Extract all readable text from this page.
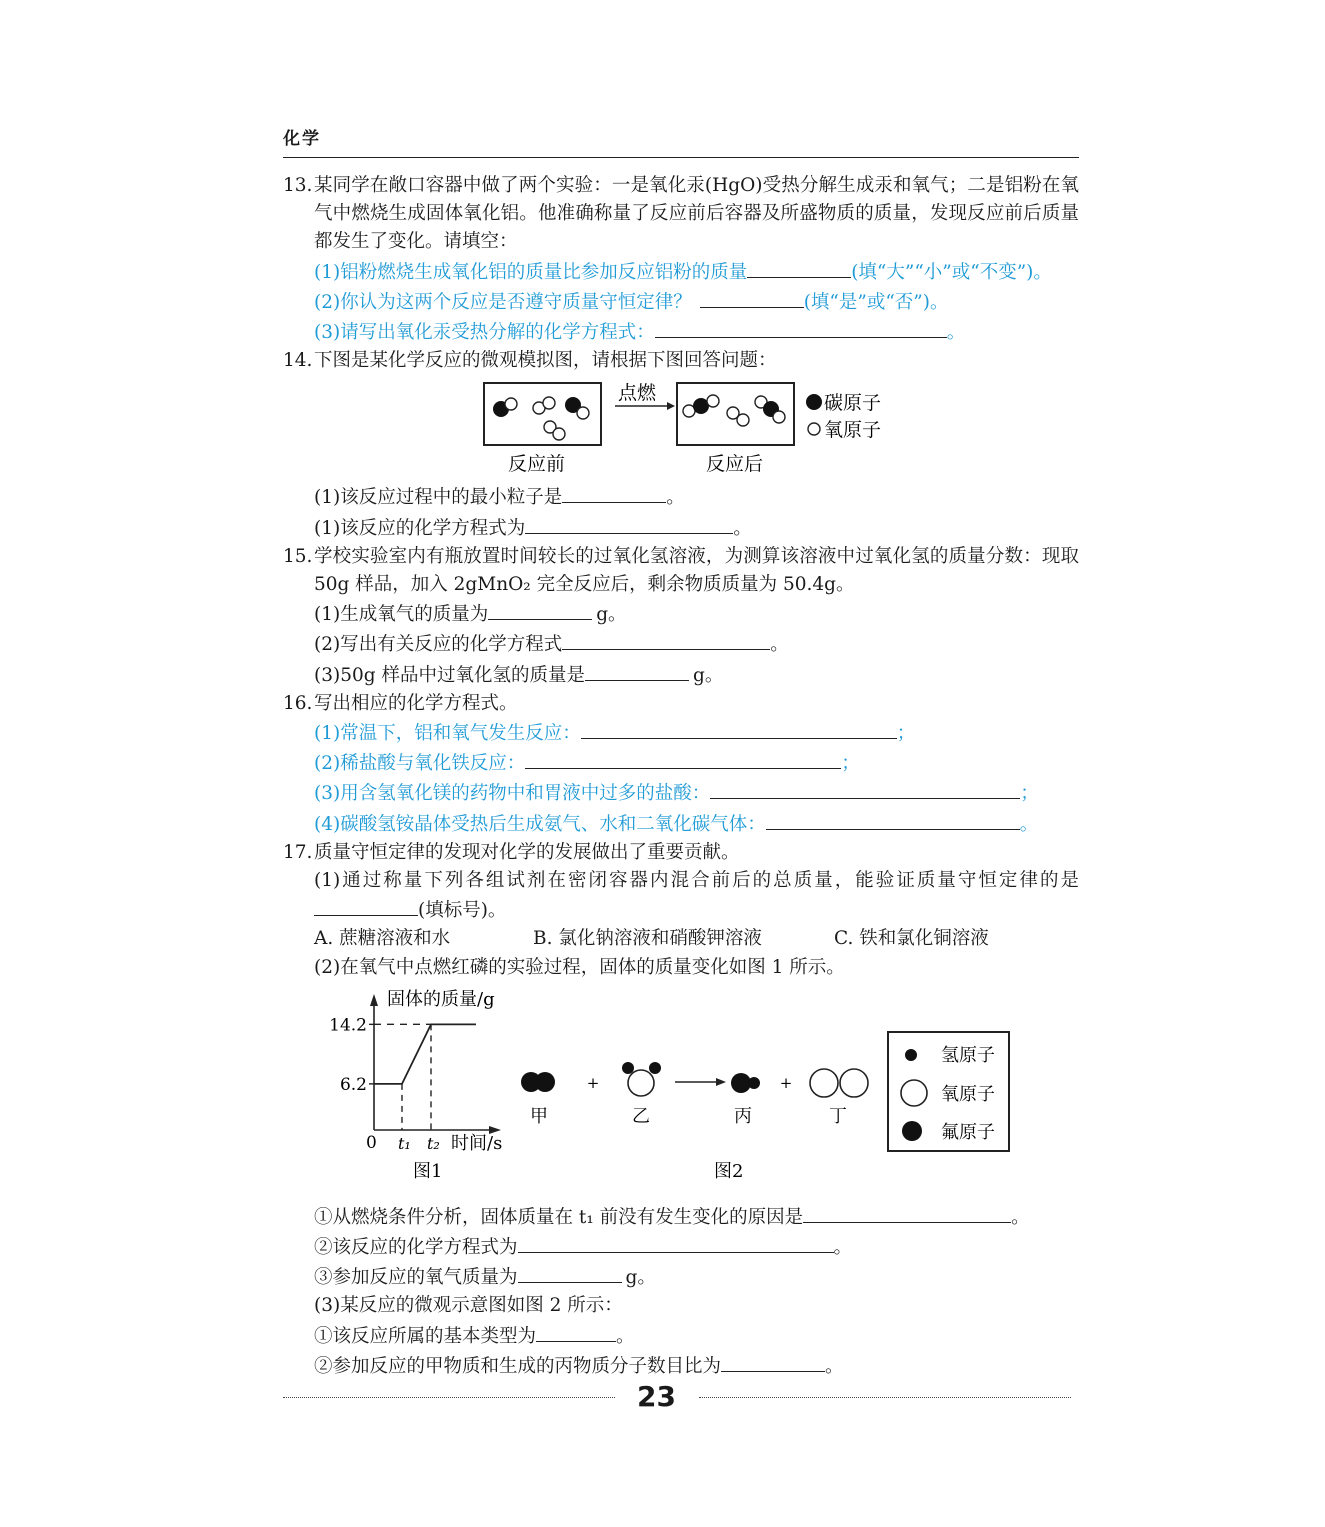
化学
13. 某同学在敞口容器中做了两个实验：一是氧化汞(HgO)受热分解生成汞和氧气；二是铝粉在氧气中燃烧生成固体氧化铝。他准确称量了反应前后容器及所盛物质的质量，发现反应前后质量都发生了变化。请填空：
(1)铝粉燃烧生成氧化铝的质量比参加反应铝粉的质量	(填“大”“小”或“不变”)。
(2)你认为这两个反应是否遵守质量守恒定律？	(填“是”或“否”)。
(3)请写出氧化汞受热分解的化学方程式：	。
14. 下图是某化学反应的微观模拟图，请根据下图回答问题：
点燃	碳原子
氧原子
反应前	反应后
(1)该反应过程中的最小粒子是	。
(1)该反应的化学方程式为	。
15. 学校实验室内有瓶放置时间较长的过氧化氢溶液，为测算该溶液中过氧化氢的质量分数：现取 50g 样品，加入 2gMnO₂ 完全反应后，剩余物质质量为 50.4g。
(1)生成氧气的质量为	g。
(2)写出有关反应的化学方程式	。
(3)50g 样品中过氧化氢的质量是	g。
16. 写出相应的化学方程式。
(1)常温下，铝和氧气发生反应：	；
(2)稀盐酸与氧化铁反应：	；
(3)用含氢氧化镁的药物中和胃液中过多的盐酸：	；
(4)碳酸氢铵晶体受热后生成氨气、水和二氧化碳气体：	。
17. 质量守恒定律的发现对化学的发展做出了重要贡献。
(1)通过称量下列各组试剂在密闭容器内混合前后的总质量，能验证质量守恒定律的是(填标号)。
A. 蔗糖溶液和水	B. 氯化钠溶液和硝酸钾溶液	C. 铁和氯化铜溶液
(2)在氧气中点燃红磷的实验过程，固体的质量变化如图 1 所示。
固体的质量/g
0	时间/s
6.2
14.2
t₁ t₂
图1
甲
+
乙	丙
+
丁
氢原子
氧原子
氟原子
图2
①从燃烧条件分析，固体质量在 t₁ 前没有发生变化的原因是	。
②该反应的化学方程式为	。
③参加反应的氧气质量为	g。
(3)某反应的微观示意图如图 2 所示：
①该反应所属的基本类型为	。
②参加反应的甲物质和生成的丙物质分子数目比为	。
23
